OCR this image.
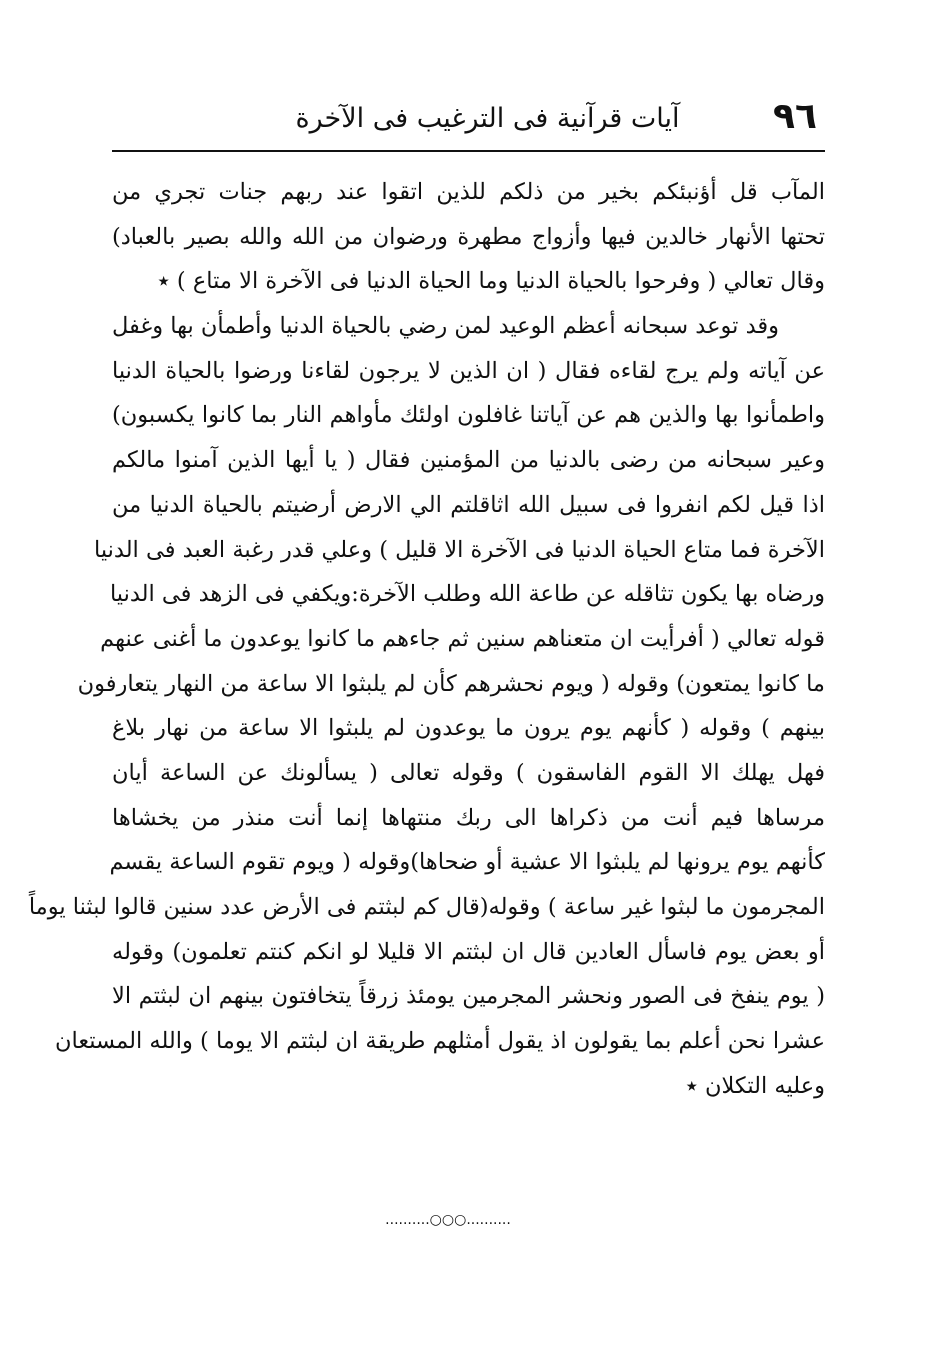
٩٦
آيات قرآنية فى الترغيب فى الآخرة
المآب قل أؤنبئكم بخير من ذلكم للذين اتقوا عند ربهم جنات تجري من
تحتها الأنهار خالدين فيها وأزواج مطهرة ورضوان من الله والله بصير بالعباد)
وقال تعالي ( وفرحوا بالحياة الدنيا وما الحياة الدنيا فى الآخرة الا متاع ) ٭
وقد توعد سبحانه أعظم الوعيد لمن رضي بالحياة الدنيا وأطمأن بها وغفل
عن آياته ولم يرج لقاءه فقال ( ان الذين لا يرجون لقاءنا ورضوا بالحياة الدنيا
واطمأنوا بها والذين هم عن آياتنا غافلون اولئك مأواهم النار بما كانوا يكسبون)
وعير سبحانه من رضى بالدنيا من المؤمنين فقال ( يا أيها الذين آمنوا مالكم
اذا قيل لكم انفروا فى سبيل الله اثاقلتم الي الارض أرضيتم بالحياة الدنيا من
الآخرة فما متاع الحياة الدنيا فى الآخرة الا قليل ) وعلي قدر رغبة العبد فى الدنيا
ورضاه بها يكون تثاقله عن طاعة الله وطلب الآخرة:ويكفي فى الزهد فى الدنيا
قوله تعالي ( أفرأيت ان متعناهم سنين ثم جاءهم ما كانوا يوعدون ما أغنى عنهم
ما كانوا يمتعون) وقوله ( ويوم نحشرهم كأن لم يلبثوا الا ساعة من النهار يتعارفون
بينهم ) وقوله ( كأنهم يوم يرون ما يوعدون لم يلبثوا الا ساعة من نهار بلاغ
فهل يهلك الا القوم الفاسقون ) وقوله تعالى ( يسألونك عن الساعة أيان
مرساها فيم أنت من ذكراها الى ربك منتهاها إنما أنت منذر من يخشاها
كأنهم يوم يرونها لم يلبثوا الا عشية أو ضحاها)وقوله ( ويوم تقوم الساعة يقسم
المجرمون ما لبثوا غير ساعة ) وقوله(قال كم لبثتم فى الأرض عدد سنين قالوا لبثنا يوماً
أو بعض يوم فاسأل العادين قال ان لبثتم الا قليلا لو انكم كنتم تعلمون) وقوله
( يوم ينفخ فى الصور ونحشر المجرمين يومئذ زرقاً يتخافتون بينهم ان لبثتم الا
عشرا نحن أعلم بما يقولون اذ يقول أمثلهم طريقة ان لبثتم الا يوما ) والله المستعان
وعليه التكلان ٭
..........○○○..........
